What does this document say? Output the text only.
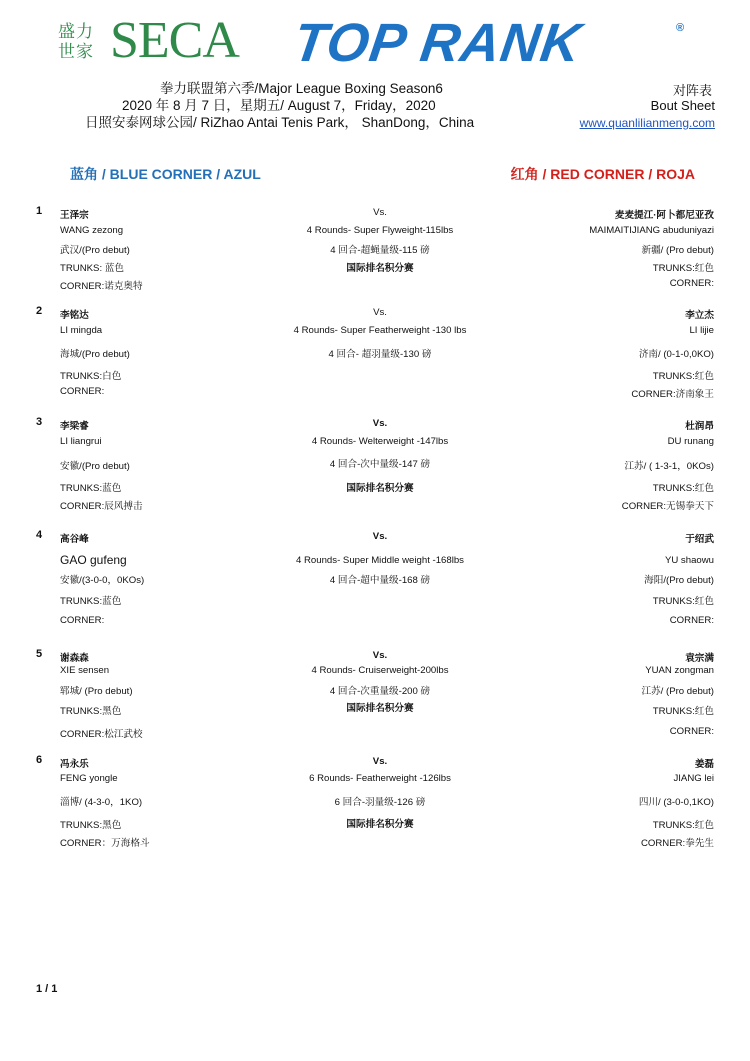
盛力世家 SECA TOP RANK	®
拳力联盟第六季/Major League Boxing Season6
2020 年 8 月 7 日，星期五/ August 7，Friday，2020
日照安泰网球公园/ RiZhao Antai Tenis Park， ShanDong，China
对阵表
Bout Sheet
www.quanlilianmeng.com
蓝角 / BLUE CORNER / AZUL	红角 / RED CORNER / ROJA
1 王泽宗
WANG zezong
武汉/(Pro debut)
TRUNKS: 蓝色
CORNER:诺克奥特
Vs.
4 Rounds- Super Flyweight-115lbs
4 回合-超蝇量级-115 磅
国际排名积分赛
麦麦提江·阿卜都尼亚孜
MAIMAITIJIANG abuduniyazi
新疆/ (Pro debut)
TRUNKS:红色
CORNER:
2 李铭达
LI mingda
海城/(Pro debut)
TRUNKS:白色
CORNER:
Vs.
4 Rounds- Super Featherweight -130 lbs
4 回合- 超羽量级-130 磅
李立杰
LI lijie
济南/ (0-1-0,0KO)
TRUNKS:红色
CORNER:济南象王
3 李梁睿
LI liangrui
安徽/(Pro debut)
TRUNKS:蓝色
CORNER:辰风搏击
Vs.
4 Rounds- Welterweight -147lbs
4 回合-次中量级-147 磅
国际排名积分赛
杜润昂
DU runang
江苏/ ( 1-3-1，0KOs)
TRUNKS:红色
CORNER:无锡拳天下
4 高谷峰
GAO gufeng
安徽/(3-0-0，0KOs)
TRUNKS:蓝色
CORNER:
Vs.
4 Rounds- Super Middle weight -168lbs
4 回合-超中量级-168 磅
于绍武
YU shaowu
海阳/(Pro debut)
TRUNKS:红色
CORNER:
5 谢森森
XIE sensen
郓城/ (Pro debut)
TRUNKS:黑色
CORNER:松江武校
Vs.
4 Rounds- Cruiserweight-200lbs
4 回合-次重量级-200 磅
国际排名积分赛
袁宗满
YUAN zongman
江苏/ (Pro debut)
TRUNKS:红色
CORNER:
6 冯永乐
FENG yongle
淄博/ (4-3-0，1KO)
TRUNKS:黑色
CORNER：万海格斗
Vs.
6 Rounds- Featherweight -126lbs
6 回合-羽量级-126 磅
国际排名积分赛
姜磊
JIANG lei
四川/ (3-0-0,1KO)
TRUNKS:红色
CORNER:拳先生
1 / 1
